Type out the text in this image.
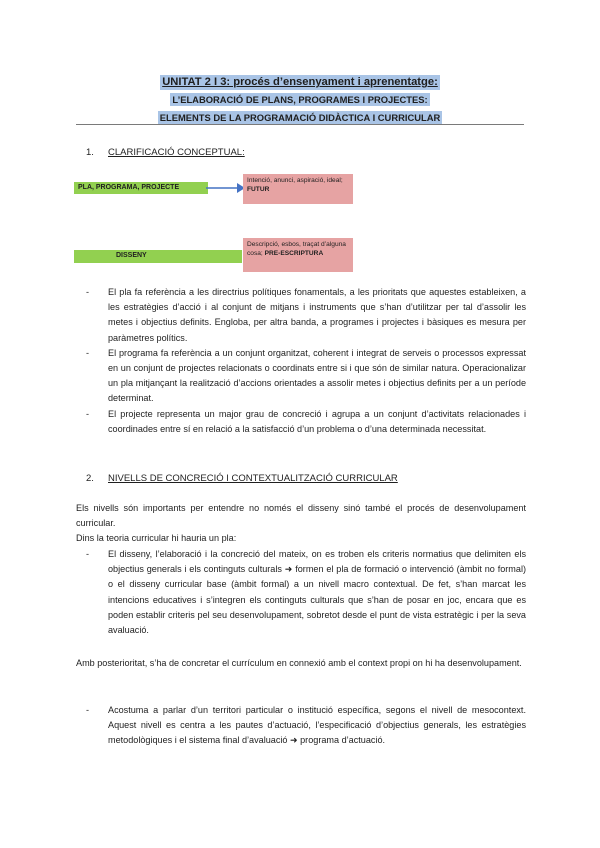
UNITAT 2 I 3: procés d’ensenyament i aprenentatge:
L’ELABORACIÓ DE PLANS, PROGRAMES I PROJECTES:
ELEMENTS DE LA PROGRAMACIÓ DIDÀCTICA I CURRICULAR
1. CLARIFICACIÓ CONCEPTUAL:
PLA, PROGRAMA, PROJECTE
Intenció, anunci, aspiració, ideal; FUTUR
DISSENY
Descripció, esbos, traçat d’alguna cosa; PRE-ESCRIPTURA
- El pla fa referència a les directrius polítiques fonamentals, a les prioritats que aquestes estableixen, a les estratègies d’acció i al conjunt de mitjans i instruments que s’han d’utilitzar per tal d’assolir les metes i objectius definits. Engloba, per altra banda, a programes i projectes i bàsiques es mesura per paràmetres polítics.
- El programa fa referència a un conjunt organitzat, coherent i integrat de serveis o processos expressat en un conjunt de projectes relacionats o coordinats entre si i que són de similar natura. Operacionalizar un pla mitjançant la realització d’accions orientades a assolir metes i objectius definits per a un període determinat.
- El projecte representa un major grau de concreció i agrupa a un conjunt d’activitats relacionades i coordinades entre sí en relació a la satisfacció d’un problema o d’una determinada necessitat.
2. NIVELLS DE CONCRECIÓ I CONTEXTUALITZACIÓ CURRICULAR
Els nivells són importants per entendre no només el disseny sinó també el procés de desenvolupament curricular.
Dins la teoria curricular hi hauria un pla:
- El disseny, l’elaboració i la concreció del mateix, on es troben els criteris normatius que delimiten els objectius generals i els continguts culturals ➜ formen el pla de formació o intervenció (àmbit no formal) o el disseny curricular base (àmbit formal) a un nivell macro contextual. De fet, s’han marcat les intencions educatives i s’integren els continguts culturals que s’han de posar en joc, encara que es poden establir criteris pel seu desenvolupament, sobretot desde el punt de vista estratègic i per la seva avaluació.
Amb posterioritat, s’ha de concretar el currículum en connexió amb el context propi on hi ha desenvolupament.
- Acostuma a parlar d’un territori particular o institució específica, segons el nivell de mesocontext. Aquest nivell es centra a les pautes d’actuació, l’especificació d’objectius generals, les estratègies metodològiques i el sistema final d’avaluació ➜ programa d’actuació.
